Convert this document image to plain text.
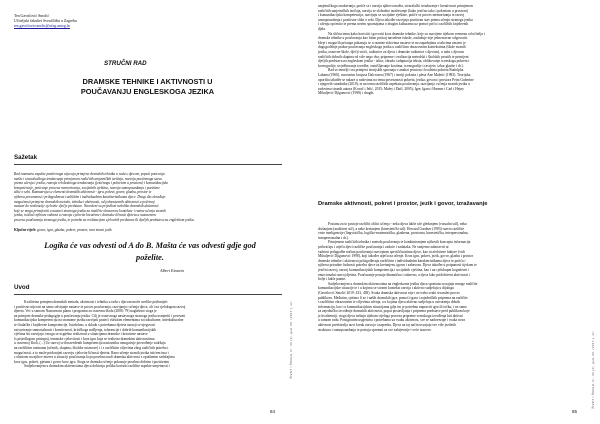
Tea Gavrilović Smolić

Učiteljski fakultet Sveučilišta u Zagrebu

tea.gavrilovicsmolic@ufzg.unizg.hr

STRUČNI RAD
DRAMSKE TEHNIKE I AKTIVNOSTI U
POUČAVANJU ENGLESKOGA JEZIKA
Sažetak

Rad razmatra aspekte pozitivnoga utjecaja primjene dramskih tehnika u radu s djecom, popuit poticanja

mašte i stvaralačkoga izražavanja primjenom različitih umjetničkih izričaja, razvoja pozitivnoga stava

prema učenju i jeziku, razvoja relobodnoga izražavanja (jezičnoga i pokretom u prostoru) i komunikacijske

kompetencije, poticanje procesa memoriranja, socijalnih vještina, razvoja samopouzdanja i pozitivne

slike o sebi. Razmatraju se elementi dramskih aktivnosti - igra, pokret, govor, glazba, prostor te

njihova povezanost i prilagođenost različitim i individualnim karakteristikama djece. Drugi dio obrađuje

mogućnosti primjene dramskih metoda, tehnika i aktivnosti, od jednostavnih aktivnosti u početnoj

nastavi do realizacije cjelovite dječje predstave. Navedeni su prijedlozi nekoliko dramskih aktivnosti

koje se mogu primijeniti u nastavi stranoga jezika za različite obrazovne kontekste i razine učenja stranih

jezika, ističući njihovu važnost u razvoju cjelovite kreativne i dramske ličnosti djeteta u nastavnom

procesu poučavanja stranoga jezika, te potrebu za realizacijom cjelovitih predstava ili dječjih predstava na engleskom jeziku.

Ključne riječi: govor, igra, glazba, pokret, prostor, rani strani jezik
Logika će vas odvesti od A do B. Mašta će vas odvesti gdje god
poželite.
Albert Einstein
Uvod

Kvalitetna primjena dramskih metoda, aktivnosti i tehnika u radu s djecom može uvelike pridonijeti

i pozitivno utjecati na samo odvijanje nastave te proces poučavanja, razvijanja i učenja djece, ali i na cjelokupan razvoj

djeteta. Već u samom Nastavnom planu i programu za osnovnu školu (2006: 79) naglašeno stoga je

na primjeni dramske pedagogije u poučavanju jezika. Cilj je osnovnoga nastavnoga stranoga jezika usmjeriti i povezati

komunikacijsku kompetenciju na stranome jeziku razvijati prateći vlastitim elementima sociokulturne, interkulturalne

te čitalačke i književne kompetencije. Istodobno, u skladu s potrebama djeteta nastoji se njegovati

ostvarivanje samostalnosti i kreativnosti, kritičkoga mišljenja, tolerancije i dobrih komunikacijskih

vještina što razvijaju i mogu se uspješno realizirati u situacijama dramske i kreativne nastave

(s prijedlogom pristupa), tematske cjelovitosti i kroz igru koja se realizira dramskim aktivnostima

u osnovnoj školi, (...) Uz razvoj svih navedenih kompetencija nastavniku omogućuje provođenje sadržaja

na različitim razinama (učenik, skupina, školske ustanove) i i s različitim ciljevima zbog različitih potreba i

mogućnosti, a to može pridonijeti razvoju cjelovite ličnosti djeteta. Rano učenje stranih jezika istićem ima i

s obzirom na njihov interes u situaciji poučavanja koju posebno nudi dramska aktivnost s opuštenim sadržajima

kroz igru, pokret, pjesmu i govor kroz igru. Stoga se dramsko učenje pokazuje posebno dobrim i pozitivnim

Sudjelovanjem u dramskim aktivnostima djeca dobivaju priliku koristiti različite aspekte umjetnosti i	ŽIVOT I ŠKOLA, br. 33 (1), god. 60. (2017.), str.
84

umjetničkoga izražavanja, potiče se i razvija njihova mašta, stvaralački izražavanje i kreativnost primjenom

različitih umjetničkih izričaja, razvija se slobodno izražavanje (kako jezično tako i pokretom u prostoru)

i komunikacijska kompetencija, razvijaju se socijalne vještine, potiče se proces memoriranja te razvoj

samopouzdanja i pozitivne slike o sebi. Djeca također razvijaju pozitivan stav prema učenju stranoga jezika

i učenju općenito te prema novim spoznajama o drugim kulturama uz pomoć priča i različitih književnih

djela.

Na sličnu temu kako koristiti i govoriti kroz dramske tehnike, koje su razvijene tijekom vremena od učitelja i

dramske tehnike u poučavanju kao bitno poticaj navedene ishode, zaslužuje nije jednostavno odgovoriti.

Ideje i mogućih pristupa pokazuju se u raznim vidovima nastave te na zapadnjima u takvima nastavi je

dugogodišnje prakse poučavanja engleskoga jezika u različitim obrazovnim kontekstima (škole stranih

jezika, osnovne škole, dječji vrtići, radionice za djecu i dramske radionice s djecom), u radu s djecom

različitih dobnih skupina od više nego dva, pripreme i realizacija metodski i školskih prostih te primijeni

dječjih predstava na engleskom jeziku - izbor, obrada i adaptacija teksta, oblikovanje scenskoga pokreta i

koreografije, uvježbavanje izvedbe, osmišljavanje kostima, scenografije i rasvjete, izbor glazbe i dr.).

Rad se temelji i na primjeni teorijskih spoznaja o analizi prostora i kvaliteta pokreta Rudolpha

Labana (1960), osnovnim Jacqusa Dalcrozea (1967) i teoriji pokreta i plesa Ane Maletić (1983). Teorijska

uporišta također se nalaze u radovima na temu povezanosti pokreta, jezika, govora i prostora Petra Guberine

i njegovih suradnika (2010), te na temu različitih aspekata poučavanja, razvijanja i učenja stranih jezika u

radovima stranih autora (Kovač i Jelić, 2015; Maley i Duff, 2005); Igre, Igara i Harmer i Carl i Hejny

Mihaljević Djigunović (1998) i drugih.

Dramske aktivnosti, pokret i prostor, jezik i govor, izražavanje

Postanu za to postoje različiti oblici učenja - neka djeca lakše uče gledanjem (vizualni stil), neka

slušanjem (auditivni stil), a neke kretanjem (kinestetički stil). Howard Gardner (1983) razvio različite

vrste inteligencije (lingvistička, logičko-matematička, glazbena, prostorna, kinestetička, interpersonalna,

intrapersonalna i dr.).

Primjenom različitih tehnika i metoda poučavanja te kombiniranjem njihovih koncepta informacija

prihvaćaju i utječu djeci različite poučavanja i zadaće i zadataka. Ne smijemo zaboraviti ni

važnost prilagodbe načina poučavanja razvojnom specifičnostima djece, kao ni afektivne faktore (vidi

Mihaljević Djigunović 1998), koji također utječu na učenje. Kroz igru, pokret, jezik, govor, glazbu i prostor

dramske tehnike i aktivnosti prilagođavaju različitim i individualnim karakteristikama djece te potiču i

njihova prirodne čudnosti potrebu djece za kretanjem, igrom i zabavom. Djeca također u potpunosti tijekom te

jezični razvoj, razvoj komunikacijskih kompetencija i socijalnih vještina, kao i na cjelokupni kognitivni i

emocionalni razvoj djeteta. Poučavanje postaje dinamično i zabavno, a djeca lako pridobiveni aktivnosti i

bolje i lakše pamte.

Sudjelovanjem u dramskim aktivnostima na engleskome jeziku djeca spontano usvajaju mnoge različite

komunikacijske situacije te i u kojima se stvarni kontekst razvija i aktivno sudjeluju u dijalogu

(Gavrilović Smolić 2019: 433, 438). Svaka dramska aktivnost nije i ne treba svaki stvaralni proces

publikom. Međutim, sjetimo li se i naših dramskih igra, pomoći igara i zajedničkih priprema na različite

s različitim obrazovnim te ciljevima učenja, a u kojima djeca aktivno sudjeluju u ostvarenju dobrih

informacija, kao i u komunikacijskim situacijama gdje im je potrebno napraviti igru ili točku, i ne samo

za zajedničko izvođenje dramskih aktivnosti, poput postavljanja i priprema predstave pred publikom koje

je kvalitetniji, stoga djeca trebaju tijekom cijeloga procesa pripreme scenskoga izvođenja biti aktivni

u samom radu. Postignutim uspjesima i potrebama uz svaku aktivnost, sve se nadovezuje i svaka nova

aktivnost predstavlja novi korak razvoja i napretka. Djeca na taj način usvajaju sve više jezičnih

struktura i samopouzdanja te postaju spremni za sve zahtjevnije i veće izazove.

ŽIVOT I ŠKOLA, br. 33 (1), god. 60. (2017.), str.
85
